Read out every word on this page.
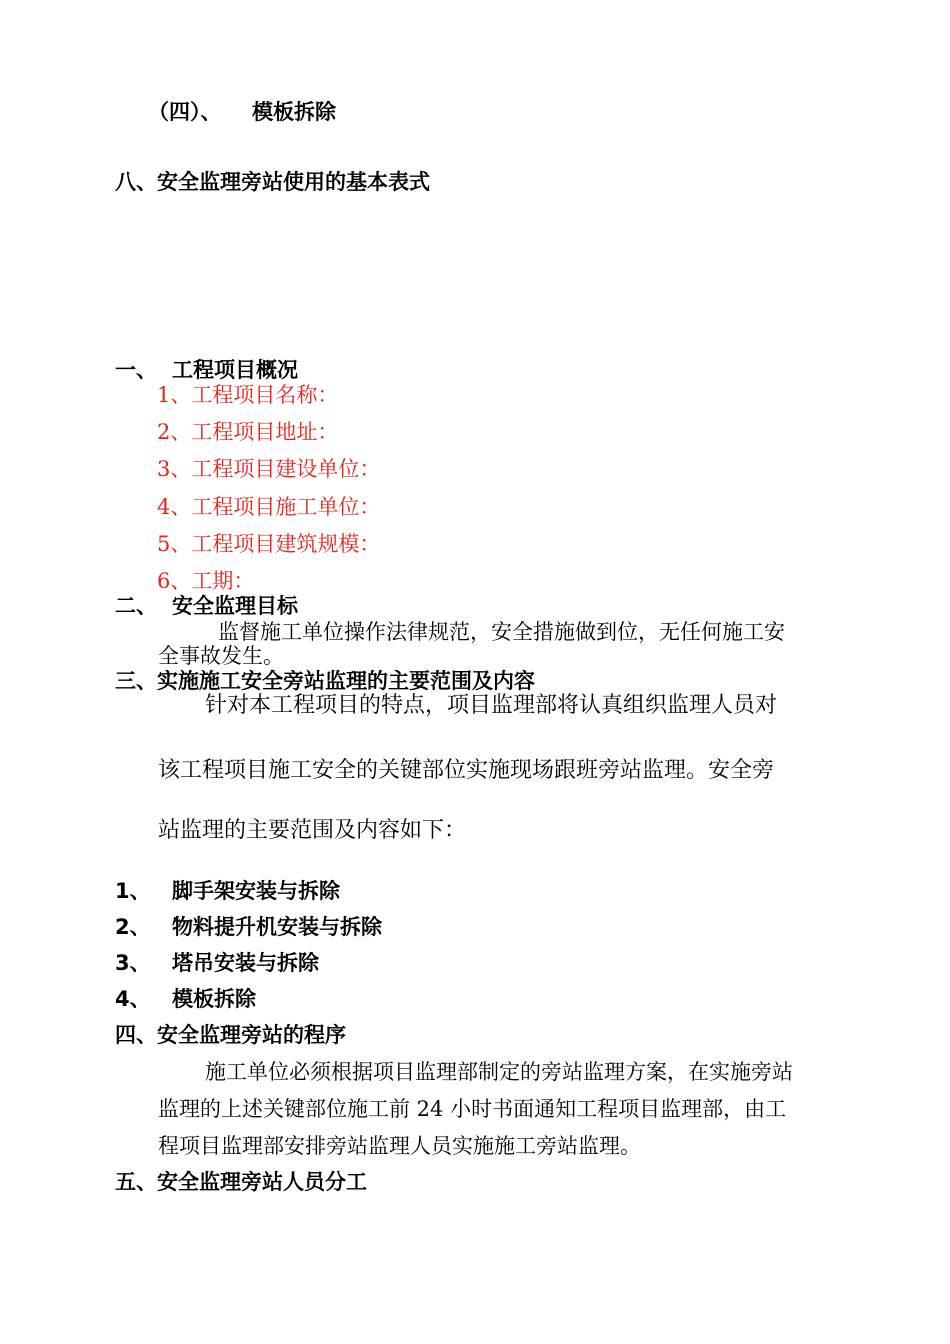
（四）、 模板拆除
八、安全监理旁站使用的基本表式
一、 工程项目概况
1、工程项目名称：
2、工程项目地址：
3、工程项目建设单位：
4、工程项目施工单位：
5、工程项目建筑规模：
6、工期：
二、 安全监理目标
监督施工单位操作法律规范，安全措施做到位，无任何施工安
全事故发生。
三、实施施工安全旁站监理的主要范围及内容
针对本工程项目的特点，项目监理部将认真组织监理人员对
该工程项目施工安全的关键部位实施现场跟班旁站监理。安全旁
站监理的主要范围及内容如下：
1、 脚手架安装与拆除
2、 物料提升机安装与拆除
3、 塔吊安装与拆除
4、 模板拆除
四、安全监理旁站的程序
施工单位必须根据项目监理部制定的旁站监理方案，在实施旁站
监理的上述关键部位施工前 24 小时书面通知工程项目监理部，由工
程项目监理部安排旁站监理人员实施施工旁站监理。
五、安全监理旁站人员分工
